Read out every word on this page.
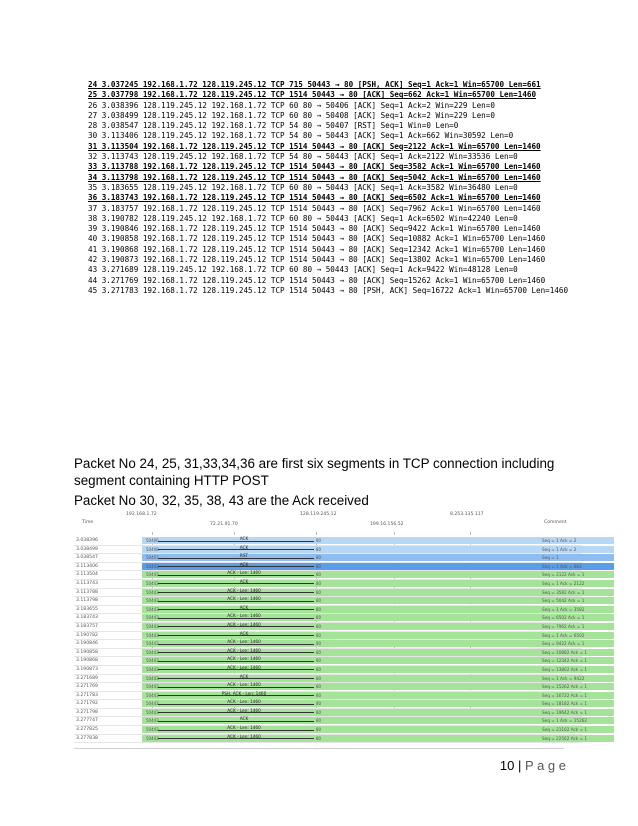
24 3.037245 192.168.1.72 128.119.245.12 TCP 715 50443 → 80 [PSH, ACK] Seq=1 Ack=1 Win=65700 Len=661
25 3.037798 192.168.1.72 128.119.245.12 TCP 1514 50443 → 80 [ACK] Seq=662 Ack=1 Win=65700 Len=1460
26 3.038396 128.119.245.12 192.168.1.72 TCP 60 80 → 50406 [ACK] Seq=1 Ack=2 Win=229 Len=0
27 3.038499 128.119.245.12 192.168.1.72 TCP 60 80 → 50408 [ACK] Seq=1 Ack=2 Win=229 Len=0
28 3.038547 128.119.245.12 192.168.1.72 TCP 54 80 → 50407 [RST] Seq=1 Win=0 Len=0
30 3.113406 128.119.245.12 192.168.1.72 TCP 54 80 → 50443 [ACK] Seq=1 Ack=662 Win=30592 Len=0
31 3.113504 192.168.1.72 128.119.245.12 TCP 1514 50443 → 80 [ACK] Seq=2122 Ack=1 Win=65700 Len=1460
32 3.113743 128.119.245.12 192.168.1.72 TCP 54 80 → 50443 [ACK] Seq=1 Ack=2122 Win=33536 Len=0
33 3.113788 192.168.1.72 128.119.245.12 TCP 1514 50443 → 80 [ACK] Seq=3582 Ack=1 Win=65700 Len=1460
34 3.113798 192.168.1.72 128.119.245.12 TCP 1514 50443 → 80 [ACK] Seq=5042 Ack=1 Win=65700 Len=1460
35 3.183655 128.119.245.12 192.168.1.72 TCP 60 80 → 50443 [ACK] Seq=1 Ack=3582 Win=36480 Len=0
36 3.183743 192.168.1.72 128.119.245.12 TCP 1514 50443 → 80 [ACK] Seq=6502 Ack=1 Win=65700 Len=1460
37 3.183757 192.168.1.72 128.119.245.12 TCP 1514 50443 → 80 [ACK] Seq=7962 Ack=1 Win=65700 Len=1460
38 3.190782 128.119.245.12 192.168.1.72 TCP 60 80 → 50443 [ACK] Seq=1 Ack=6502 Win=42240 Len=0
39 3.190846 192.168.1.72 128.119.245.12 TCP 1514 50443 → 80 [ACK] Seq=9422 Ack=1 Win=65700 Len=1460
40 3.190858 192.168.1.72 128.119.245.12 TCP 1514 50443 → 80 [ACK] Seq=10882 Ack=1 Win=65700 Len=1460
41 3.190868 192.168.1.72 128.119.245.12 TCP 1514 50443 → 80 [ACK] Seq=12342 Ack=1 Win=65700 Len=1460
42 3.190873 192.168.1.72 128.119.245.12 TCP 1514 50443 → 80 [ACK] Seq=13802 Ack=1 Win=65700 Len=1460
43 3.271689 128.119.245.12 192.168.1.72 TCP 60 80 → 50443 [ACK] Seq=1 Ack=9422 Win=48128 Len=0
44 3.271769 192.168.1.72 128.119.245.12 TCP 1514 50443 → 80 [ACK] Seq=15262 Ack=1 Win=65700 Len=1460
45 3.271783 192.168.1.72 128.119.245.12 TCP 1514 50443 → 80 [PSH, ACK] Seq=16722 Ack=1 Win=65700 Len=1460
Packet No 24, 25, 31,33,34,36 are first six segments in TCP connection including segment containing HTTP POST
Packet No 30, 32, 35, 38, 43 are the Ack received
Time
192.168.1.72
72.21.91.70
128.119.245.12
199.16.156.52
8.253.135.117
Comment
3.038396	50406	ACK	80	Seq = 1 Ack = 2
3.038499	50408	ACK	80	Seq = 1 Ack = 2
3.038547	50407	RST	80	Seq = 1
3.113406	50443	ACK	80	Seq = 1 Ack = 662
3.113504	50443	ACK - Len: 1460	80	Seq = 2122 Ack = 1
3.113743	50443	ACK	80	Seq = 1 Ack = 2122
3.113788	50443	ACK - Len: 1460	80	Seq = 3582 Ack = 1
3.113798	50443	ACK - Len: 1460	80	Seq = 5042 Ack = 1
3.183655	50443	ACK	80	Seq = 1 Ack = 3582
3.183743	50443	ACK - Len: 1460	80	Seq = 6502 Ack = 1
3.183757	50443	ACK - Len: 1460	80	Seq = 7962 Ack = 1
3.190782	50443	ACK	80	Seq = 1 Ack = 6502
3.190846	50443	ACK - Len: 1460	80	Seq = 9422 Ack = 1
3.190858	50443	ACK - Len: 1460	80	Seq = 10882 Ack = 1
3.190868	50443	ACK - Len: 1460	80	Seq = 12342 Ack = 1
3.190873	50443	ACK - Len: 1460	80	Seq = 13802 Ack = 1
3.271689	50443	ACK	80	Seq = 1 Ack = 9422
3.271769	50443	ACK - Len: 1460	80	Seq = 15262 Ack = 1
3.271783	50443	PSH, ACK - Len: 1460	80	Seq = 16722 Ack = 1
3.271792	50443	ACK - Len: 1460	80	Seq = 18182 Ack = 1
3.271798	50443	ACK - Len: 1460	80	Seq = 19642 Ack = 1
3.277747	50443	ACK	80	Seq = 1 Ack = 15262
3.277825	50443	ACK - Len: 1460	80	Seq = 21102 Ack = 1
3.277838	50443	ACK - Len: 1460	80	Seq = 22562 Ack = 1
10 | P a g e
